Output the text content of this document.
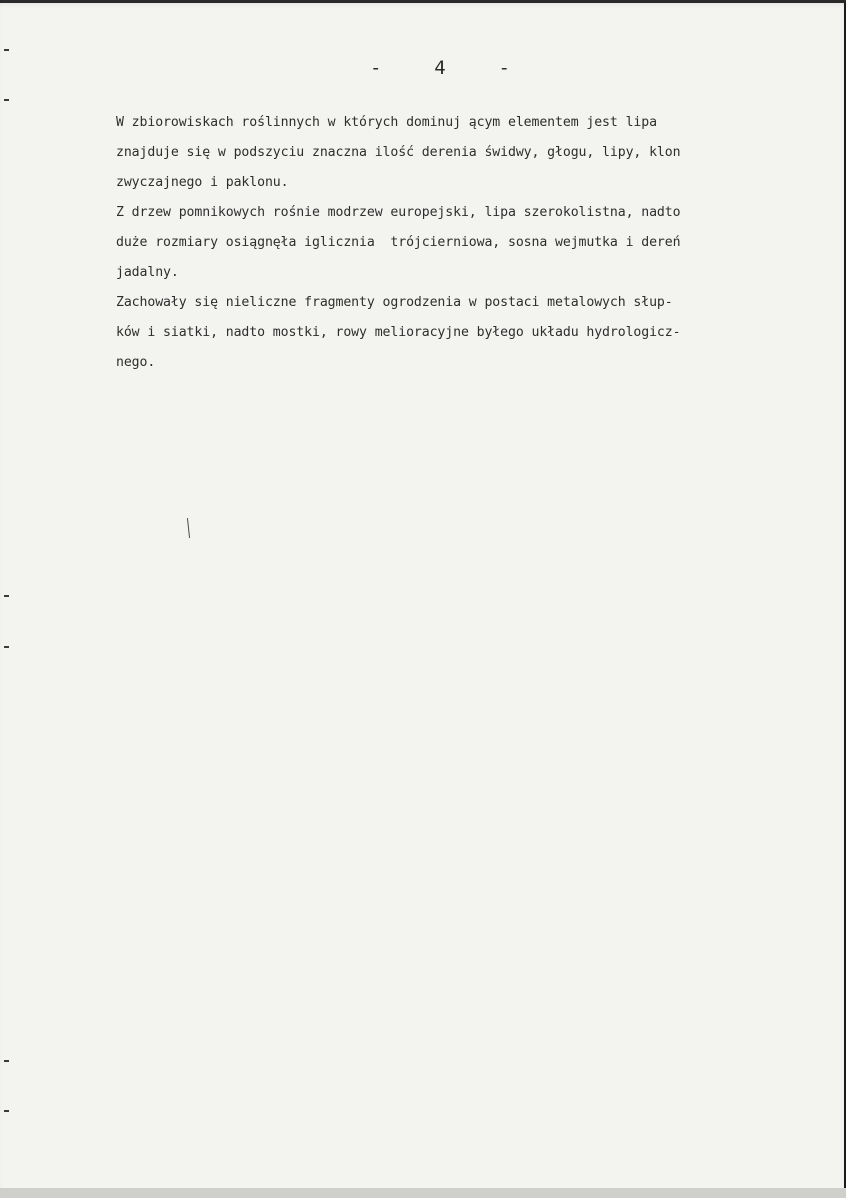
-	4	-
W zbiorowiskach roślinnych w których dominuj ącym elementem jest lipa
znajduje się w podszyciu znaczna ilość derenia świdwy, głogu, lipy, klon
zwyczajnego i paklonu.
Z drzew pomnikowych rośnie modrzew europejski, lipa szerokolistna, nadto
duże rozmiary osiągnęła iglicznia  trójcierniowa, sosna wejmutka i dereń
jadalny.
Zachowały się nieliczne fragmenty ogrodzenia w postaci metalowych słup-
ków i siatki, nadto mostki, rowy melioracyjne byłego układu hydrologicz-
nego.
